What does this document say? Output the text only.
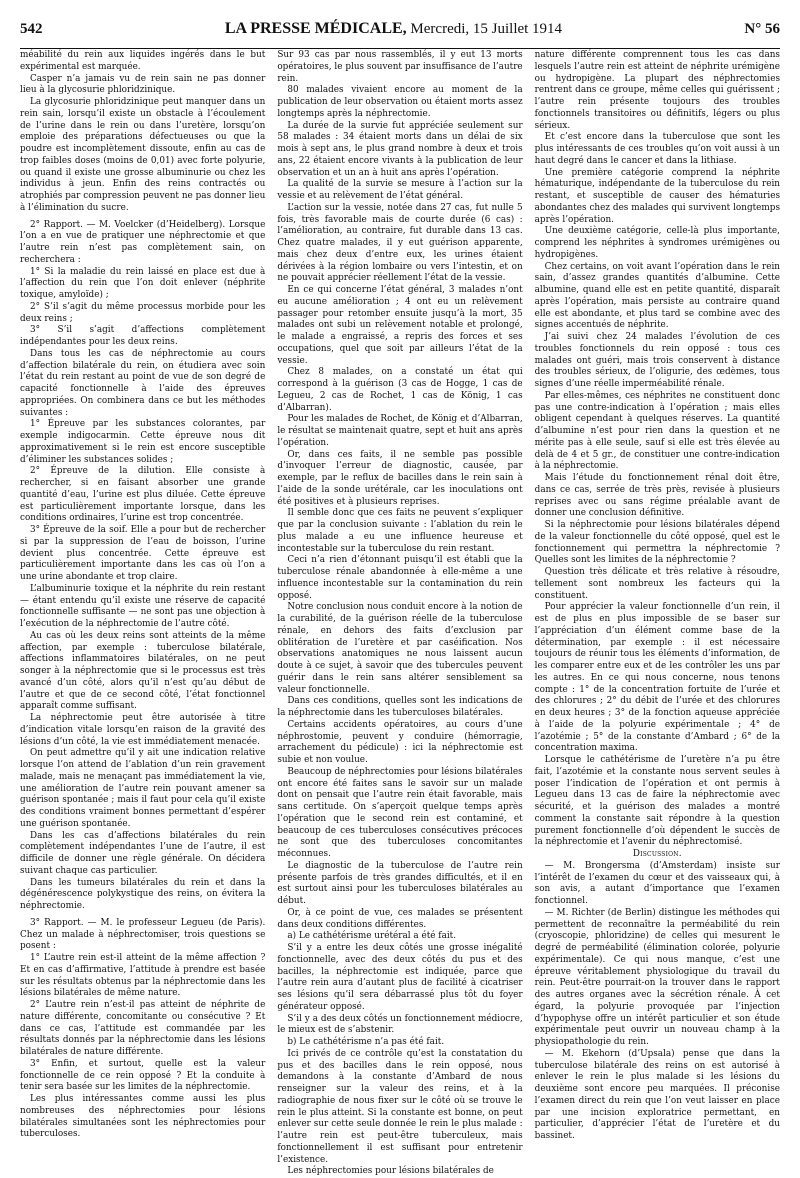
542	LA PRESSE MÉDICALE, Mercredi, 15 Juillet 1914	N° 56

méabilité du rein aux liquides ingérés dans le but expérimental est marquée.

Casper n’a jamais vu de rein sain ne pas donner lieu à la glycosurie phloridzinique.

La glycosurie phloridzinique peut manquer dans un rein sain, lorsqu’il existe un obstacle à l’écoulement de l’urine dans le rein ou dans l’uretère, lorsqu’on emploie des préparations défectueuses ou que la poudre est incomplètement dissoute, enfin au cas de trop faibles doses (moins de 0,01) avec forte polyurie, ou quand il existe une grosse albuminurie ou chez les individus à jeun. Enfin des reins contractés ou atrophiés par compression peuvent ne pas donner lieu à l’élimination du sucre.

2° Rapport. — M. Voelcker (d’Heidelberg). Lorsque l’on a en vue de pratiquer une néphrectomie et que l’autre rein n’est pas complètement sain, on recherchera :

1° Si la maladie du rein laissé en place est due à l’affection du rein que l’on doit enlever (néphrite toxique, amyloïde) ;

2° S’il s’agit du même processus morbide pour les deux reins ;

3° S’il s’agit d’affections complètement indépendantes pour les deux reins.

Dans tous les cas de néphrectomie au cours d’affection bilatérale du rein, on étudiera avec soin l’état du rein restant au point de vue de son degré de capacité fonctionnelle à l’aide des épreuves appropriées. On combinera dans ce but les méthodes suivantes :

1° Épreuve par les substances colorantes, par exemple indigocarmin. Cette épreuve nous dit approximativement si le rein est encore susceptible d’éliminer les substances solides ;

2° Épreuve de la dilution. Elle consiste à rechercher, si en faisant absorber une grande quantité d’eau, l’urine est plus diluée. Cette épreuve est particulièrement importante lorsque, dans les conditions ordinaires, l’urine est trop concentrée.

3° Épreuve de la soif. Elle a pour but de rechercher si par la suppression de l’eau de boisson, l’urine devient plus concentrée. Cette épreuve est particulièrement importante dans les cas où l’on a une urine abondante et trop claire.

L’albuminurie toxique et la néphrite du rein restant — étant entendu qu’il existe une réserve de capacité fonctionnelle suffisante — ne sont pas une objection à l’exécution de la néphrectomie de l’autre côté.

Au cas où les deux reins sont atteints de la même affection, par exemple : tuberculose bilatérale, affections inflammatoires bilatérales, on ne peut songer à la néphrectomie que si le processus est très avancé d’un côté, alors qu’il n’est qu’au début de l’autre et que de ce second côté, l’état fonctionnel apparaît comme suffisant.

La néphrectomie peut être autorisée à titre d’indication vitale lorsqu’en raison de la gravité des lésions d’un côté, la vie est immédiatement menacée.

On peut admettre qu’il y ait une indication relative lorsque l’on attend de l’ablation d’un rein gravement malade, mais ne menaçant pas immédiatement la vie, une amélioration de l’autre rein pouvant amener sa guérison spontanée ; mais il faut pour cela qu’il existe des conditions vraiment bonnes permettant d’espérer une guérison spontanée.

Dans les cas d’affections bilatérales du rein complètement indépendantes l’une de l’autre, il est difficile de donner une règle générale. On décidera suivant chaque cas particulier.

Dans les tumeurs bilatérales du rein et dans la dégénérescence polykystique des reins, on évitera la néphrectomie.

3° Rapport. — M. le professeur Legueu (de Paris). Chez un malade à néphrectomiser, trois questions se posent :

1° L’autre rein est-il atteint de la même affection ? Et en cas d’affirmative, l’attitude à prendre est basée sur les résultats obtenus par la néphrectomie dans les lésions bilatérales de même nature.

2° L’autre rein n’est-il pas atteint de néphrite de nature différente, concomitante ou consécutive ? Et dans ce cas, l’attitude est commandée par les résultats donnés par la néphrectomie dans les lésions bilatérales de nature différente.

3° Enfin, et surtout, quelle est la valeur fonctionnelle de ce rein opposé ? Et la conduite à tenir sera basée sur les limites de la néphrectomie.

Les plus intéressantes comme aussi les plus nombreuses des néphrectomies pour lésions bilatérales simultanées sont les néphrectomies pour tuberculoses.

Sur 93 cas par nous rassemblés, il y eut 13 morts opératoires, le plus souvent par insuffisance de l’autre rein.

80 malades vivaient encore au moment de la publication de leur observation ou étaient morts assez longtemps après la néphrectomie.

La durée de la survie fut appréciée seulement sur 58 malades : 34 étaient morts dans un délai de six mois à sept ans, le plus grand nombre à deux et trois ans, 22 étaient encore vivants à la publication de leur observation et un an à huit ans après l’opération.

La qualité de la survie se mesure à l’action sur la vessie et au relèvement de l’état général.

L’action sur la vessie, notée dans 27 cas, fut nulle 5 fois, très favorable mais de courte durée (6 cas) : l’amélioration, au contraire, fut durable dans 13 cas. Chez quatre malades, il y eut guérison apparente, mais chez deux d’entre eux, les urines étaient dérivées à la région lombaire ou vers l’intestin, et on ne pouvait apprécier réellement l’état de la vessie.

En ce qui concerne l’état général, 3 malades n’ont eu aucune amélioration ; 4 ont eu un relèvement passager pour retomber ensuite jusqu’à la mort, 35 malades ont subi un relèvement notable et prolongé, le malade a engraissé, a repris des forces et ses occupations, quel que soit par ailleurs l’état de la vessie.

Chez 8 malades, on a constaté un état qui correspond à la guérison (3 cas de Hogge, 1 cas de Legueu, 2 cas de Rochet, 1 cas de König, 1 cas d’Albarran).

Pour les malades de Rochet, de König et d’Albarran, le résultat se maintenait quatre, sept et huit ans après l’opération.

Or, dans ces faits, il ne semble pas possible d’invoquer l’erreur de diagnostic, causée, par exemple, par le reflux de bacilles dans le rein sain à l’aide de la sonde urétérale, car les inoculations ont été positives et à plusieurs reprises.

Il semble donc que ces faits ne peuvent s’expliquer que par la conclusion suivante : l’ablation du rein le plus malade a eu une influence heureuse et incontestable sur la tuberculose du rein restant.

Ceci n’a rien d’étonnant puisqu’il est établi que la tuberculose rénale abandonnée à elle-même a une influence incontestable sur la contamination du rein opposé.

Notre conclusion nous conduit encore à la notion de la curabilité, de la guérison réelle de la tuberculose rénale, en dehors des faits d’exclusion par oblitération de l’uretère et par caséification. Nos observations anatomiques ne nous laissent aucun doute à ce sujet, à savoir que des tubercules peuvent guérir dans le rein sans altérer sensiblement sa valeur fonctionnelle.

Dans ces conditions, quelles sont les indications de la néphrectomie dans les tuberculoses bilatérales.

Certains accidents opératoires, au cours d’une néphrostomie, peuvent y conduire (hémorragie, arrachement du pédicule) : ici la néphrectomie est subie et non voulue.

Beaucoup de néphrectomies pour lésions bilatérales ont encore été faites sans le savoir sur un malade dont on pensait que l’autre rein était favorable, mais sans certitude. On s’aperçoit quelque temps après l’opération que le second rein est contaminé, et beaucoup de ces tuberculoses consécutives précoces ne sont que des tuberculoses concomitantes méconnues.

Le diagnostic de la tuberculose de l’autre rein présente parfois de très grandes difficultés, et il en est surtout ainsi pour les tuberculoses bilatérales au début.

Or, à ce point de vue, ces malades se présentent dans deux conditions différentes.

a) Le cathétérisme urétéral a été fait.

S’il y a entre les deux côtés une grosse inégalité fonctionnelle, avec des deux côtés du pus et des bacilles, la néphrectomie est indiquée, parce que l’autre rein aura d’autant plus de facilité à cicatriser ses lésions qu’il sera débarrassé plus tôt du foyer générateur opposé.

S’il y a des deux côtés un fonctionnement médiocre, le mieux est de s’abstenir.

b) Le cathétérisme n’a pas été fait.

Ici privés de ce contrôle qu’est la constatation du pus et des bacilles dans le rein opposé, nous demandons à la constante d’Ambard de nous renseigner sur la valeur des reins, et à la radiographie de nous fixer sur le côté où se trouve le rein le plus atteint. Si la constante est bonne, on peut enlever sur cette seule donnée le rein le plus malade : l’autre rein est peut-être tuberculeux, mais fonctionnellement il est suffisant pour entretenir l’existence.

Les néphrectomies pour lésions bilatérales de

nature différente comprennent tous les cas dans lesquels l’autre rein est atteint de néphrite urémigène ou hydropigène. La plupart des néphrectomies rentrent dans ce groupe, même celles qui guérissent ; l’autre rein présente toujours des troubles fonctionnels transitoires ou définitifs, légers ou plus sérieux.

Et c’est encore dans la tuberculose que sont les plus intéressants de ces troubles qu’on voit aussi à un haut degré dans le cancer et dans la lithiase.

Une première catégorie comprend la néphrite hématurique, indépendante de la tuberculose du rein restant, et susceptible de causer des hématuries abondantes chez des malades qui survivent longtemps après l’opération.

Une deuxième catégorie, celle-là plus importante, comprend les néphrites à syndromes urémigènes ou hydropigènes.

Chez certains, on voit avant l’opération dans le rein sain, d’assez grandes quantités d’albumine. Cette albumine, quand elle est en petite quantité, disparaît après l’opération, mais persiste au contraire quand elle est abondante, et plus tard se combine avec des signes accentués de néphrite.

J’ai suivi chez 24 malades l’évolution de ces troubles fonctionnels du rein opposé : tous ces malades ont guéri, mais trois conservent à distance des troubles sérieux, de l’oligurie, des œdèmes, tous signes d’une réelle imperméabilité rénale.

Par elles-mêmes, ces néphrites ne constituent donc pas une contre-indication à l’opération ; mais elles obligent cependant à quelques réserves. La quantité d’albumine n’est pour rien dans la question et ne mérite pas à elle seule, sauf si elle est très élevée au delà de 4 et 5 gr., de constituer une contre-indication à la néphrectomie.

Mais l’étude du fonctionnement rénal doit être, dans ce cas, serrée de très près, revisée à plusieurs reprises avec ou sans régime préalable avant de donner une conclusion définitive.

Si la néphrectomie pour lésions bilatérales dépend de la valeur fonctionnelle du côté opposé, quel est le fonctionnement qui permettra la néphrectomie ? Quelles sont les limites de la néphrectomie ?

Question très délicate et très relative à résoudre, tellement sont nombreux les facteurs qui la constituent.

Pour apprécier la valeur fonctionnelle d’un rein, il est de plus en plus impossible de se baser sur l’appréciation d’un élément comme base de la détermination, par exemple : il est nécessaire toujours de réunir tous les éléments d’information, de les comparer entre eux et de les contrôler les uns par les autres. En ce qui nous concerne, nous tenons compte : 1° de la concentration fortuite de l’urée et des chlorures ; 2° du débit de l’urée et des chlorures en deux heures ; 3° de la fonction aqueuse appréciée à l’aide de la polyurie expérimentale ; 4° de l’azotémie ; 5° de la constante d’Ambard ; 6° de la concentration maxima.

Lorsque le cathétérisme de l’uretère n’a pu être fait, l’azotémie et la constante nous servent seules à poser l’indication de l’opération et ont permis à Legueu dans 13 cas de faire la néphrectomie avec sécurité, et la guérison des malades a montré comment la constante sait répondre à la question purement fonctionnelle d’où dépendent le succès de la néphrectomie et l’avenir du néphrectomisé.

Discussion.

— M. Brongersma (d’Amsterdam) insiste sur l’intérêt de l’examen du cœur et des vaisseaux qui, à son avis, a autant d’importance que l’examen fonctionnel.

— M. Richter (de Berlin) distingue les méthodes qui permettent de reconnaître la perméabilité du rein (cryoscopie, phloridzine) de celles qui mesurent le degré de perméabilité (élimination colorée, polyurie expérimentale). Ce qui nous manque, c’est une épreuve véritablement physiologique du travail du rein. Peut-être pourrait-on la trouver dans le rapport des autres organes avec la sécrétion rénale. À cet égard, la polyurie provoquée par l’injection d’hypophyse offre un intérêt particulier et son étude expérimentale peut ouvrir un nouveau champ à la physiopathologie du rein.

— M. Ekehorn (d’Upsala) pense que dans la tuberculose bilatérale des reins on est autorisé à enlever le rein le plus malade si les lésions du deuxième sont encore peu marquées. Il préconise l’examen direct du rein que l’on veut laisser en place par une incision exploratrice permettant, en particulier, d’apprécier l’état de l’uretère et du bassinet.
